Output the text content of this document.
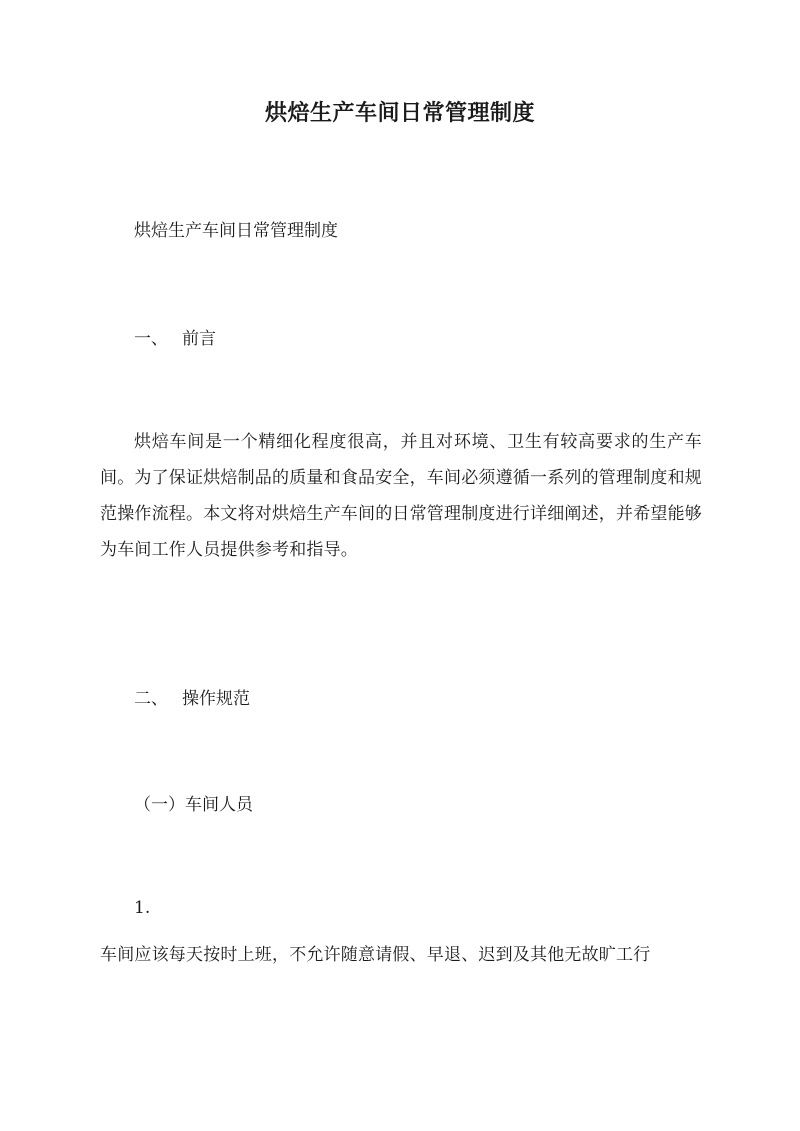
烘焙生产车间日常管理制度
烘焙生产车间日常管理制度
一、 前言
烘焙车间是一个精细化程度很高，并且对环境、卫生有较高要求的生产车间。为了保证烘焙制品的质量和食品安全，车间必须遵循一系列的管理制度和规范操作流程。本文将对烘焙生产车间的日常管理制度进行详细阐述，并希望能够为车间工作人员提供参考和指导。
二、 操作规范
（一）车间人员
1.
车间应该每天按时上班，不允许随意请假、早退、迟到及其他无故旷工行
